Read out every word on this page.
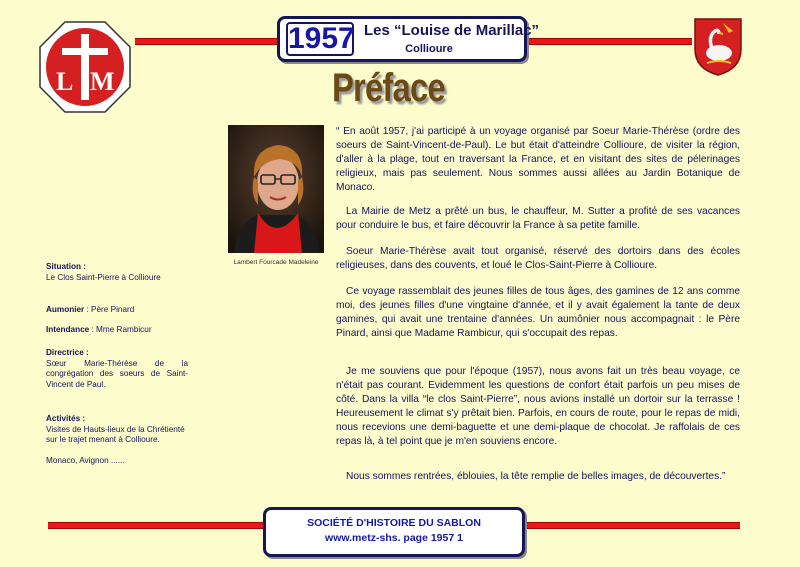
L M
1957 Les “Louise de Marillac”
Collioure
Préface
Lambert Fourcade Madeleine
Situation :
Le Clos Saint-Pierre à Collioure
Aumonier : Père Pinard
Intendance : Mme Rambicur
Directrice :

Sœur Marie-Thérèse de la congrégation des soeurs de Saint-Vincent de Paul.
Activités :

Visites de Hauts-lieux de la Chrétienté sur le trajet menant à Collioure.
Monaco, Avignon ......

“ En août 1957, j'ai participé à un voyage organisé par Soeur Marie-Thérèse (ordre des soeurs de Saint-Vincent-de-Paul). Le but était d'atteindre Collioure, de visiter la région, d'aller à la plage, tout en traversant la France, et en visitant des sites de pélerinages religieux, mais pas seulement. Nous sommes aussi allées au Jardin Botanique de Monaco.

La Mairie de Metz a prêté un bus, le chauffeur, M. Sutter a profité de ses vacances pour conduire le bus, et faire découvrir la France à sa petite famille.

Soeur Marie-Thérèse avait tout organisé, réservé des dortoirs dans des écoles religieuses, dans des couvents, et loué le Clos-Saint-Pierre à Collioure.

Ce voyage rassemblait des jeunes filles de tous âges, des gamines de 12 ans comme moi, des jeunes filles d'une vingtaine d'année, et il y avait également la tante de deux gamines, qui avait une trentaine d'années. Un aumônier nous accompagnait : le Père Pinard, ainsi que Madame Rambicur, qui s'occupait des repas.

Je me souviens que pour l'époque (1957), nous avons fait un très beau voyage, ce n'était pas courant. Evidemment les questions de confort était parfois un peu mises de côté. Dans la villa “le clos Saint-Pierre”, nous avions installé un dortoir sur la terrasse ! Heureusement le climat s'y prêtait bien. Parfois, en cours de route, pour le repas de midi, nous recevions une demi-baguette et une demi-plaque de chocolat. Je raffolais de ces repas là, à tel point que je m'en souviens encore.

Nous sommes rentrées, éblouies, la tête remplie de belles images, de découvertes.”

SOCIÉTÉ D'HISTOIRE DU SABLON
www.metz-shs. page 1957 1
